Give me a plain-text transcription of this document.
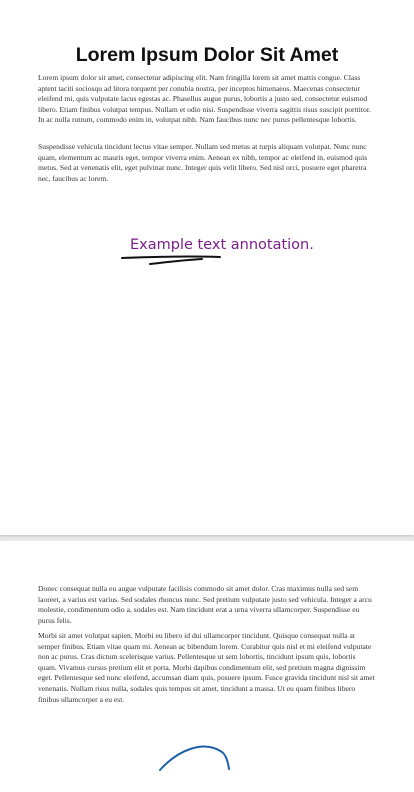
Lorem Ipsum Dolor Sit Amet

Lorem ipsum dolor sit amet, consectetur adipiscing elit. Nam fringilla lorem sit amet mattis congue. Class aptent taciti sociosqu ad litora torquent per conubia nostra, per inceptos himenaeos. Maecenas consectetur eleifend mi, quis vulputate lacus egestas ac. Phasellus augue purus, lobortis a justo sed, consectetur euismod libero. Etiam finibus volutpat tempus. Nullam et odio nisi. Suspendisse viverra sagittis risus suscipit porttitor. In ac nulla rutrum, commodo enim in, volutpat nibh. Nam faucibus nunc nec purus pellentesque lobortis.

Suspendisse vehicula tincidunt lectus vitae semper. Nullam sed metus at turpis aliquam volutpat. Nunc nunc quam, elementum ac mauris eget, tempor viverra enim. Aenean ex nibh, tempor ac eleifend in, euismod quis metus. Sed at venenatis elit, eget pulvinar nunc. Integer quis velit libero. Sed nisl orci, posuere eget pharetra nec, faucibus ac lorem.

Example text annotation.

Donec consequat nulla eu augue vulputate facilisis commodo sit amet dolor. Cras maximus nulla sed sem laoreet, a varius est varius. Sed sodales rhoncus nunc. Sed pretium vulputate justo sed vehicula. Integer a arcu molestie, condimentum odio a, sodales est. Nam tincidunt erat a urna viverra ullamcorper. Suspendisse eu purus felis.

Morbi sit amet volutpat sapien. Morbi eu libero id dui ullamcorper tincidunt. Quisque consequat nulla at semper finibus. Etiam vitae quam mi. Aenean ac bibendum lorem. Curabitur quis nisl et mi eleifend vulputate non ac purus. Cras dictum scelerisque varius. Pellentesque ut sem lobortis, tincidunt ipsum quis, lobortis quam. Vivamus cursus pretium elit et porta. Morbi dapibus condimentum elit, sed pretium magna dignissim eget. Pellentesque sed nunc eleifend, accumsan diam quis, posuere ipsum. Fusce gravida tincidunt nisl sit amet venenatis. Nullam risus nulla, sodales quis tempus sit amet, tincidunt a massa. Ut eu quam finibus libero finibus ullamcorper a eu est.
